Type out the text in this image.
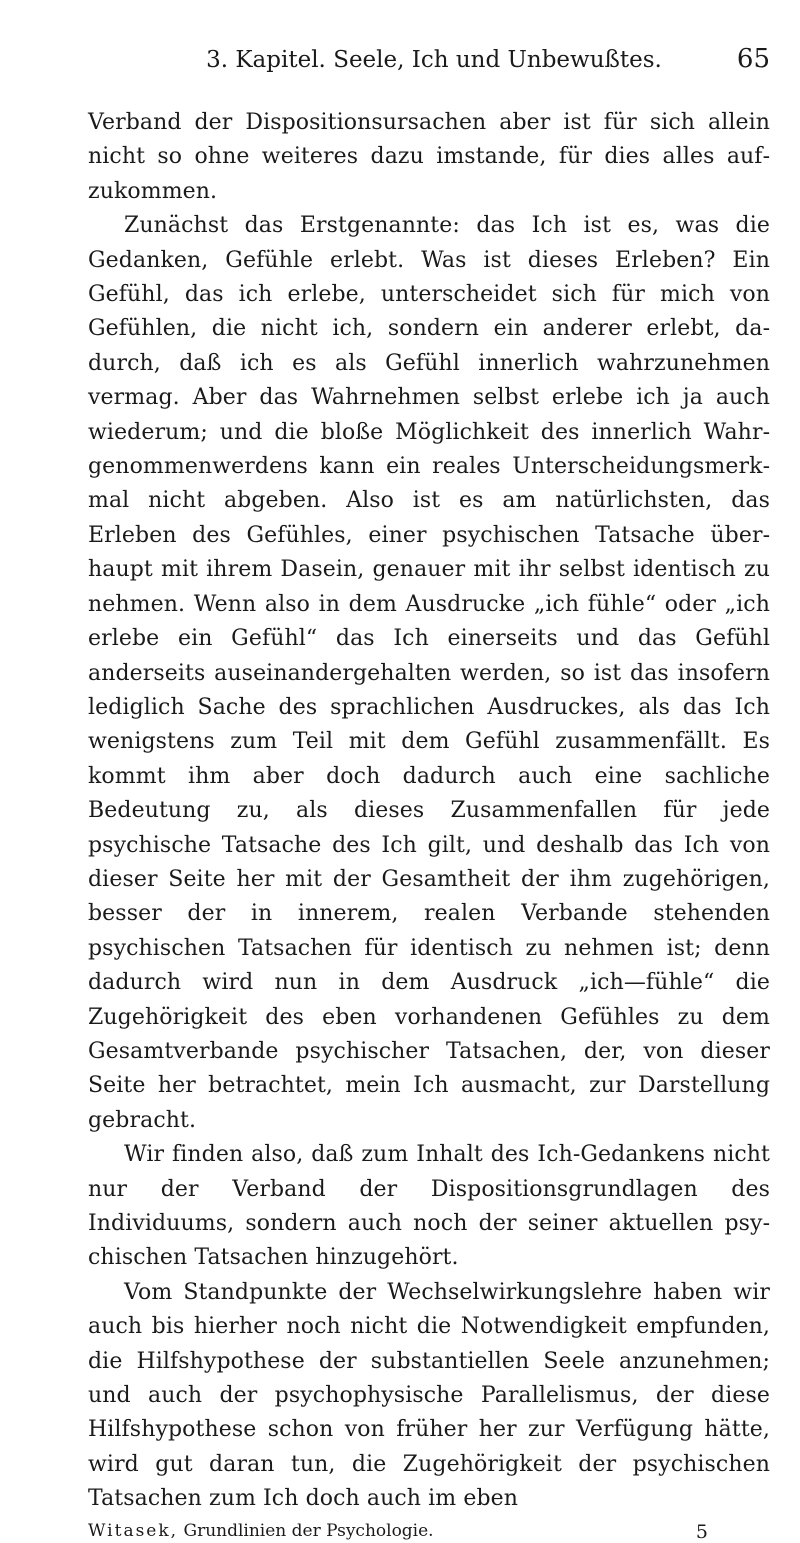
3. Kapitel. Seele, Ich und Unbewußtes.	65

Verband der Dispositionsursachen aber ist für sich allein nicht so ohne weiteres dazu imstande, für dies alles aufzukommen.

Zunächst das Erstgenannte: das Ich ist es, was die Gedanken, Gefühle erlebt. Was ist dieses Erleben? Ein Gefühl, das ich erlebe, unterscheidet sich für mich von Gefühlen, die nicht ich, sondern ein anderer erlebt, dadurch, daß ich es als Gefühl innerlich wahrzunehmen vermag. Aber das Wahrnehmen selbst erlebe ich ja auch wiederum; und die bloße Möglichkeit des innerlich Wahrgenommenwerdens kann ein reales Unterscheidungsmerkmal nicht abgeben. Also ist es am natürlichsten, das Erleben des Gefühles, einer psychischen Tatsache überhaupt mit ihrem Dasein, genauer mit ihr selbst identisch zu nehmen. Wenn also in dem Ausdrucke „ich fühle“ oder „ich erlebe ein Gefühl“ das Ich einerseits und das Gefühl anderseits auseinandergehalten werden, so ist das insofern lediglich Sache des sprachlichen Ausdruckes, als das Ich wenigstens zum Teil mit dem Gefühl zusammenfällt. Es kommt ihm aber doch dadurch auch eine sachliche Bedeutung zu, als dieses Zusammenfallen für jede psychische Tatsache des Ich gilt, und deshalb das Ich von dieser Seite her mit der Gesamtheit der ihm zugehörigen, besser der in innerem, realen Verbande stehenden psychischen Tatsachen für identisch zu nehmen ist; denn dadurch wird nun in dem Ausdruck „ich—fühle“ die Zugehörigkeit des eben vorhandenen Gefühles zu dem Gesamtverbande psychischer Tatsachen, der, von dieser Seite her betrachtet, mein Ich ausmacht, zur Darstellung gebracht.

Wir finden also, daß zum Inhalt des Ich-Gedankens nicht nur der Verband der Dispositionsgrundlagen des Individuums, sondern auch noch der seiner aktuellen psychischen Tatsachen hinzugehört.

Vom Standpunkte der Wechselwirkungslehre haben wir auch bis hierher noch nicht die Notwendigkeit empfunden, die Hilfshypothese der substantiellen Seele anzunehmen; und auch der psychophysische Parallelismus, der diese Hilfshypothese schon von früher her zur Verfügung hätte, wird gut daran tun, die Zugehörigkeit der psychischen Tatsachen zum Ich doch auch im eben

Witasek, Grundlinien der Psychologie.	5
